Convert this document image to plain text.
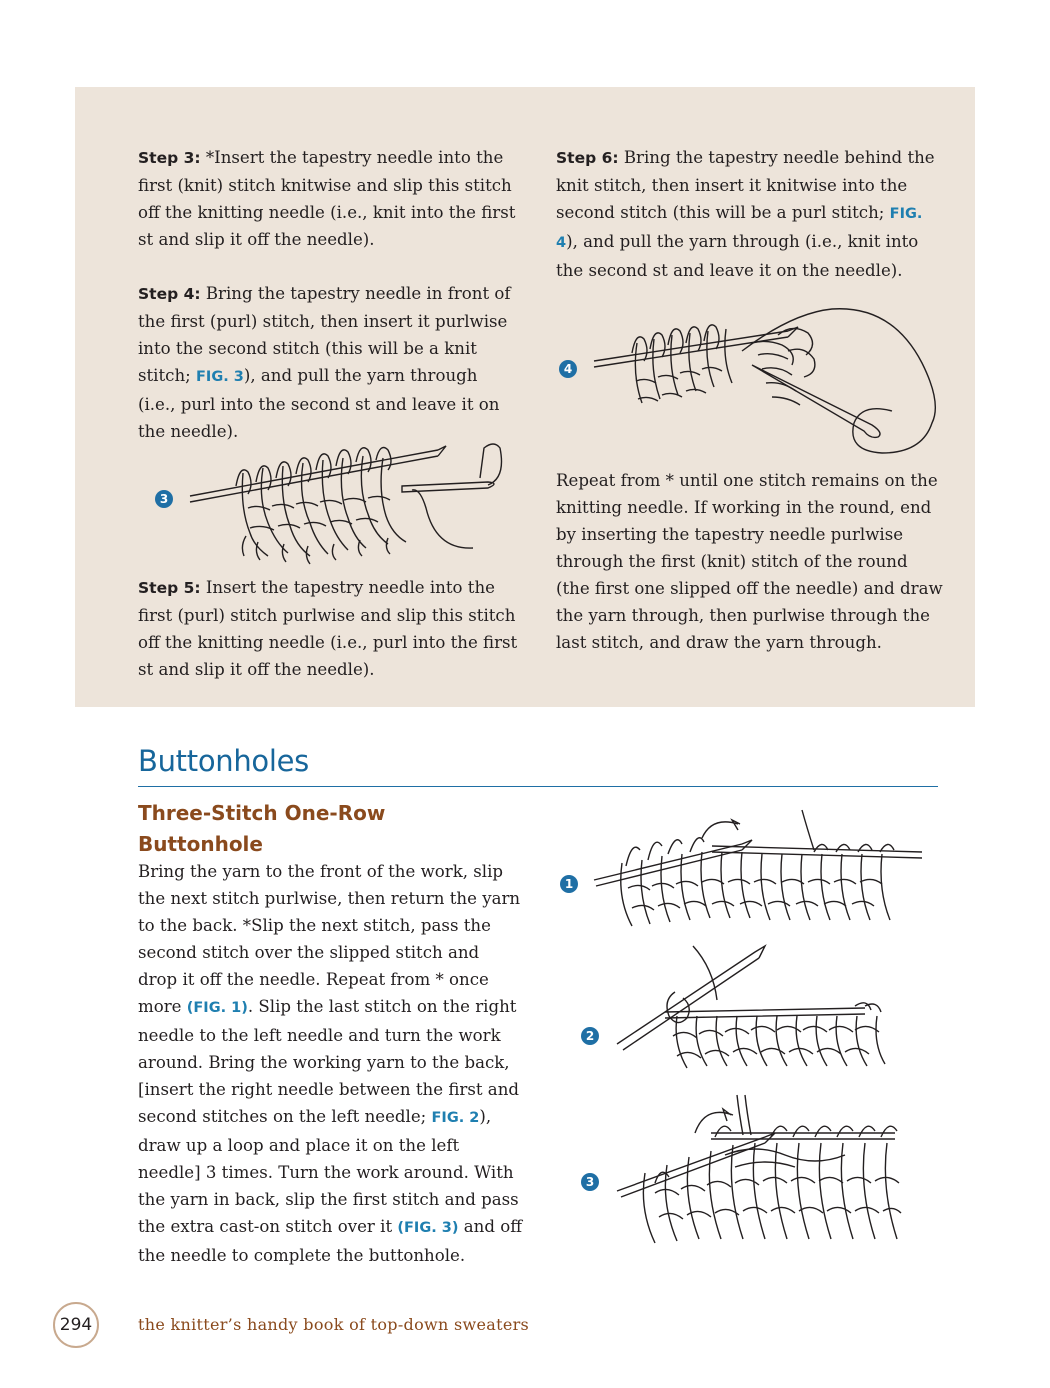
Step 3: *Insert the tapestry needle into the first (knit) stitch knitwise and slip this stitch off the knitting needle (i.e., knit into the first st and slip it off the needle).

Step 4: Bring the tapestry needle in front of the first (purl) stitch, then insert it purlwise into the second stitch (this will be a knit stitch; FIG. 3), and pull the yarn through (i.e., purl into the second st and leave it on the needle).

3

Step 5: Insert the tapestry needle into the first (purl) stitch purlwise and slip this stitch off the knitting needle (i.e., purl into the first st and slip it off the needle).

Step 6: Bring the tapestry needle behind the knit stitch, then insert it knitwise into the second stitch (this will be a purl stitch; FIG. 4), and pull the yarn through (i.e., knit into the second st and leave it on the needle).

4

Repeat from * until one stitch remains on the knitting needle. If working in the round, end by inserting the tapestry needle purlwise through the first (knit) stitch of the round (the first one slipped off the needle) and draw the yarn through, then purlwise through the last stitch, and draw the yarn through.

Buttonholes
Three-Stitch One-Row Buttonhole

Bring the yarn to the front of the work, slip the next stitch purlwise, then return the yarn to the back. *Slip the next stitch, pass the second stitch over the slipped stitch and drop it off the needle. Repeat from * once more (FIG. 1). Slip the last stitch on the right needle to the left needle and turn the work around. Bring the working yarn to the back, [insert the right needle between the first and second stitches on the left needle; FIG. 2), draw up a loop and place it on the left needle] 3 times. Turn the work around. With the yarn in back, slip the first stitch and pass the extra cast-on stitch over it (FIG. 3) and off the needle to complete the buttonhole.

1
2
3
294	the knitter’s handy book of top-down sweaters
